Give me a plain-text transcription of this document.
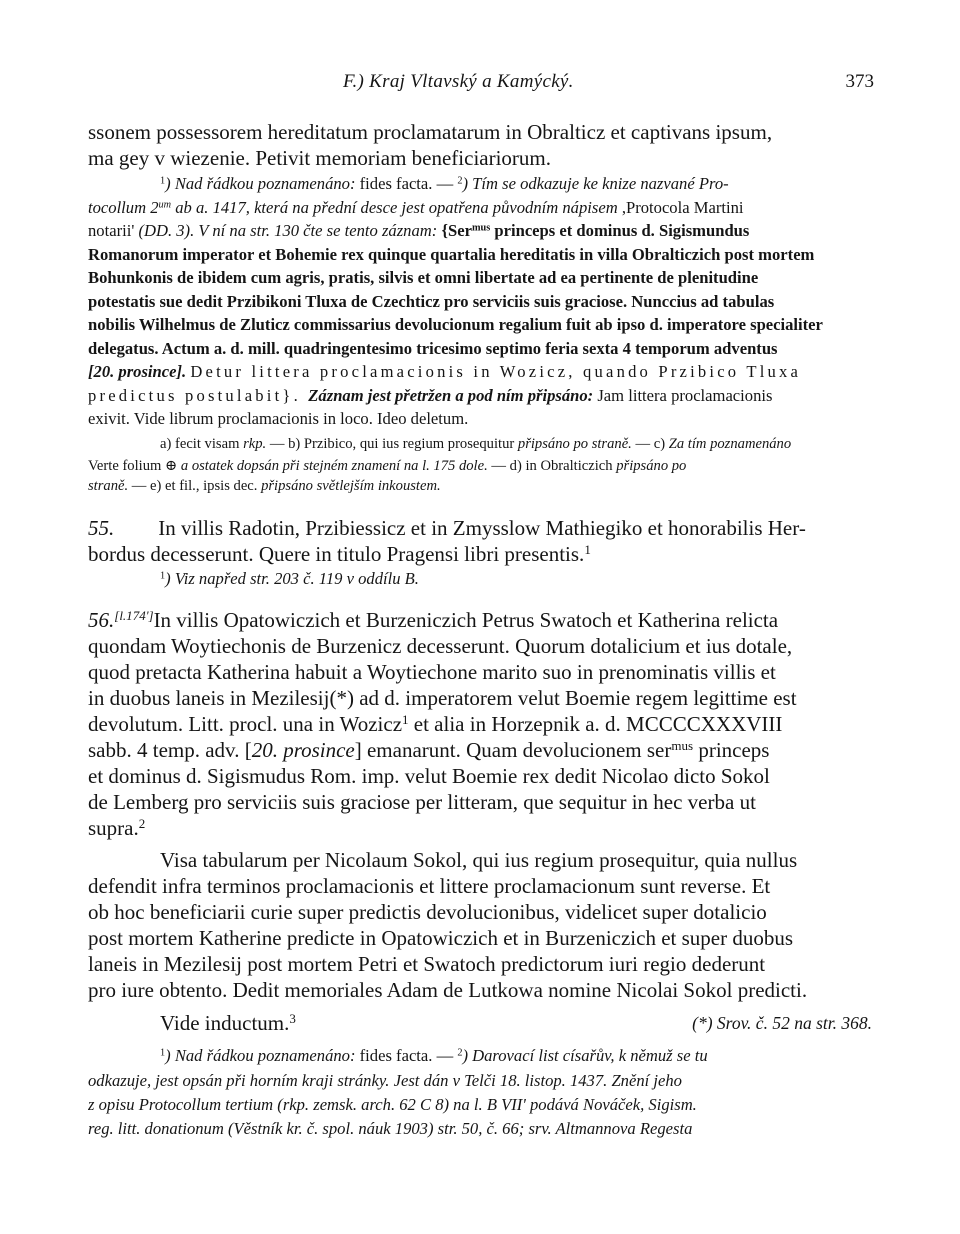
F.) Kraj Vltavský a Kamýcký.	373
ssonem possessorem hereditatum proclamatarum in Obralticz et captivans ipsum,
ma gey v wiezenie. Petivit memoriam beneficiariorum.
$^1$) Nad řádkou poznamenáno: fides facta. — $^2$) Tím se odkazuje ke knize nazvané Pro-
tocollum $2^{um}$ ab a. 1417, která na přední desce jest opatřena původním nápisem ,Protocola Martini
notarii' (DD. 3). V ní na str. 130 čte se tento záznam: {Ser$^{mus}$ princeps et dominus d. Sigismundus
Romanorum imperator et Bohemie rex quinque quartalia hereditatis in villa Obralticzich post mortem
Bohunkonis de ibidem cum agris, pratis, silvis et omni libertate ad ea pertinente de plenitudine
potestatis sue dedit Przibikoni Tluxa de Czechticz pro serviciis suis graciose. Nunccius ad tabulas
nobilis Wilhelmus de Zluticz commissarius devolucionum regalium fuit ab ipso d. imperatore specialiter
delegatus. Actum a. d. mill. quadringentesimo tricesimo septimo feria sexta 4 temporum adventus
[20. prosince]. Detur littera proclamacionis in Wozicz, quando Przibico Tluxa
predictus postulabit}. Záznam jest přetržen a pod ním připsáno: Jam littera proclamacionis
exivit. Vide librum proclamacionis in loco. Ideo deletum.
a) fecit visam rkp. — b) Przibico, qui ius regium prosequitur připsáno po straně. — c) Za tím poznamenáno
Verte folium ⊕ a ostatek dopsán při stejném znamení na l. 175 dole. — d) in Obralticzich připsáno po
straně. — e) et fil., ipsis dec. připsáno světlejším inkoustem.
55. In villis Radotin, Przibiessicz et in Zmysslow Mathiegiko et honorabilis Her-
bordus decesserunt. Quere in titulo Pragensi libri presentis.$^1$
$^1$) Viz napřed str. 203 č. 119 v oddílu B.
56.[l.174']In villis Opatowiczich et Burzeniczich Petrus Swatoch et Katherina relicta
quondam Woytiechonis de Burzenicz decesserunt. Quorum dotalicium et ius dotale,
quod pretacta Katherina habuit a Woytiechone marito suo in prenominatis villis et
in duobus laneis in Mezilesij(*) ad d. imperatorem velut Boemie regem legittime est
devolutum. Litt. procl. una in Wozicz$^1$ et alia in Horzepnik a. d. MCCCCXXXVIII
sabb. 4 temp. adv. [20. prosince] emanarunt. Quam devolucionem ser$^{mus}$ princeps
et dominus d. Sigismudus Rom. imp. velut Boemie rex dedit Nicolao dicto Sokol
de Lemberg pro serviciis suis graciose per litteram, que sequitur in hec verba ut
supra.$^2$
Visa tabularum per Nicolaum Sokol, qui ius regium prosequitur, quia nullus
defendit infra terminos proclamacionis et littere proclamacionum sunt reverse. Et
ob hoc beneficiarii curie super predictis devolucionibus, videlicet super dotalicio
post mortem Katherine predicte in Opatowiczich et in Burzeniczich et super duobus
laneis in Mezilesij post mortem Petri et Swatoch predictorum iuri regio dederunt
pro iure obtento. Dedit memoriales Adam de Lutkowa nomine Nicolai Sokol predicti.
Vide inductum.$^3$	(*) Srov. č. 52 na str. 368.
$^1$) Nad řádkou poznamenáno: fides facta. — $^2$) Darovací list císařův, k němuž se tu
odkazuje, jest opsán při horním kraji stránky. Jest dán v Telči 18. listop. 1437. Znění jeho
z opisu Protocollum tertium (rkp. zemsk. arch. 62 C 8) na l. B VII' podává Nováček, Sigism.
reg. litt. donationum (Věstník kr. č. spol. náuk 1903) str. 50, č. 66; srv. Altmannova Regesta
